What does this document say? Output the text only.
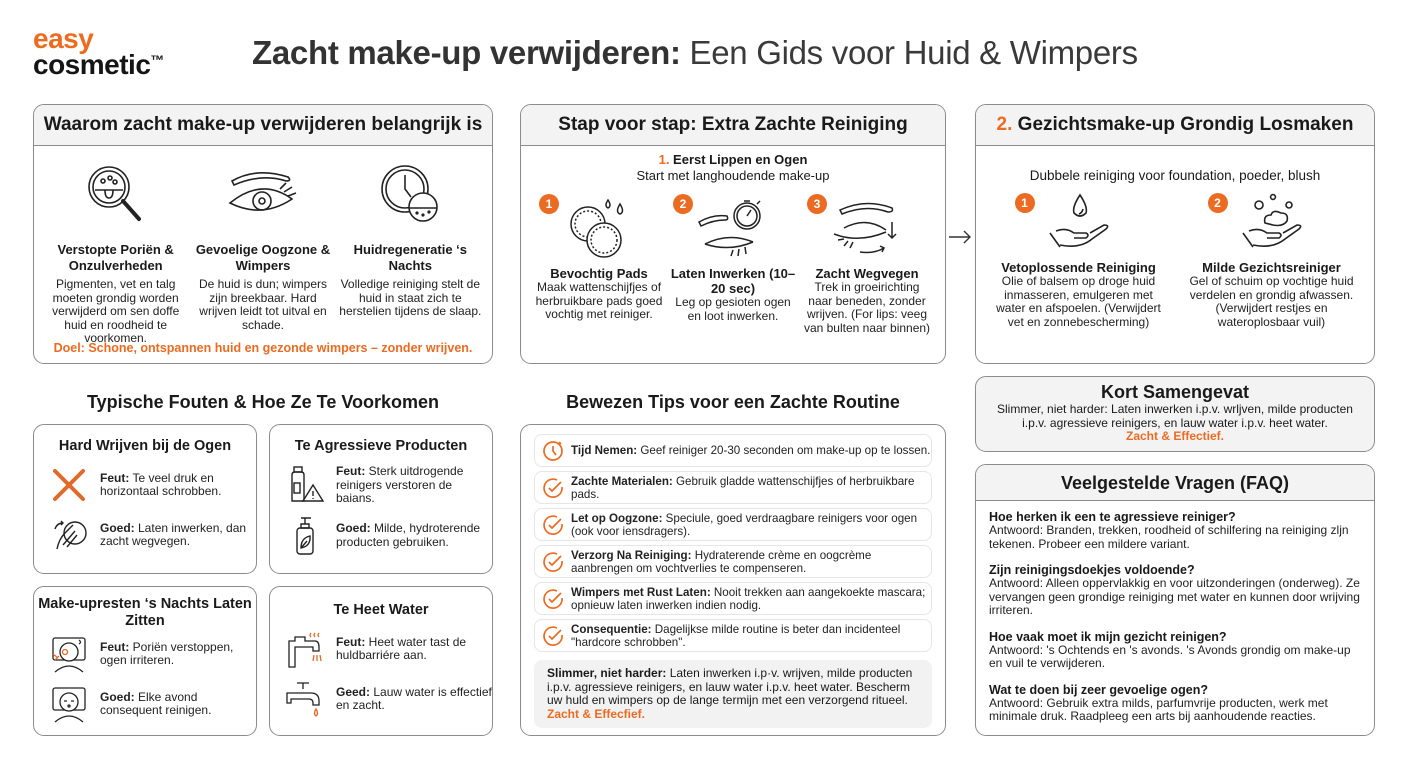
easy
cosmetic™	Zacht make-up verwijderen: Een Gids voor Huid & Wimpers
Waarom zacht make-up verwijderen belangrijk is
Verstopte Poriën & Onzulverheden
Pigmenten, vet en talg moeten grondig worden verwijderd om sen doffe huid en roodheid te voorkomen.
Gevoelige Oogzone & Wimpers
De huid is dun; wimpers zijn breekbaar. Hard wrijven leidt tot uitval en schade.
Huidregeneratie ‘s Nachts
Volledige reiniging stelt de huid in staat zich te herstelien tijdens de slaap.
Doel: Schone, ontspannen huid en gezonde wimpers – zonder wrijven.
Stap voor stap: Extra Zachte Reiniging
1. Eerst Lippen en Ogen
Start met langhoudende make-up
1
Bevochtig Pads
Maak wattenschijfjes of herbruikbare pads goed vochtig met reiniger.
2
Laten Inwerken (10–20 sec)
Leg op gesioten ogen en loot inwerken.
3
Zacht Wegvegen
Trek in groeirichting naar beneden, zonder wrijven. (For lips: veeg van bulten naar binnen)
2. Gezichtsmake-up Grondig Losmaken
Dubbele reiniging voor foundation, poeder, blush
1
Vetoplossende Reiniging
Olie of balsem op droge huid inmasseren, emulgeren met water en afspoelen. (Verwijdert vet en zonnebescherming)
2
Milde Gezichtsreiniger
Gel of schuim op vochtige huid verdelen en grondig afwassen. (Verwijdert restjes en wateroplosbaar vuil)
Typische Fouten & Hoe Ze Te Voorkomen
Hard Wrijven bij de Ogen
Feut: Te veel druk en horizontaal schrobben.
Goed: Laten inwerken, dan zacht wegvegen.
Te Agressieve Producten
Feut: Sterk uitdrogende reinigers verstoren de baians.
Goed: Milde, hydroterende producten gebruiken.
Make-upresten ‘s Nachts Laten Zitten
Feut: Poriën verstoppen, ogen irriteren.
Goed: Elke avond consequent reinigen.
Te Heet Water
Feut: Heet water tast de huldbarriére aan.
Geed: Lauw water is effectief en zacht.
Bewezen Tips voor een Zachte Routine
Tijd Nemen: Geef reiniger 20-30 seconden om make-up op te lossen.
Zachte Materialen: Gebruik gladde wattenschijfjes of herbruikbare pads.
Let op Oogzone: Speciule, goed verdraagbare reinigers voor ogen (ook voor iensdragers).
Verzorg Na Reiniging: Hydraterende crème en oogcrème aanbrengen om vochtverlies te compenseren.
Wimpers met Rust Laten: Nooit trekken aan aangekoekte mascara; opnieuw laten inwerken indien nodig.
Consequentie: Dagelijkse milde routine is beter dan incidenteel "hardcore schrobben".
Slimmer, niet harder: Laten inwerken i.p·v. wrijven, milde producten i.p.v. agressieve reinigers, en lauw water i.p.v. heet water. Bescherm uw huld en wimpers op de lange termijn met een verzorgend ritueel. Zacht & Effecfief.
Kort Samengevat
Slimmer, niet harder: Laten inwerken i.p.v. wrljven, milde producten i.p.v. agressieve reinigers, en lauw water i.p.v. heet water.
Zacht & Effectief.
Veelgestelde Vragen (FAQ)
Hoe herken ik een te agressieve reiniger?
Antwoord: Branden, trekken, roodheid of schilfering na reiniging zljn tekenen. Probeer een mildere variant.
Zijn reinigingsdoekjes voldoende?
Antwoord: Alleen oppervlakkig en voor uitzonderingen (onderweg). Ze vervangen geen grondige reiniging met water en kunnen door wrijving irriteren.
Hoe vaak moet ik mijn gezicht reinigen?
Antwoord: 's Ochtends en 's avonds. 's Avonds grondig om make-up en vuil te verwijderen.
Wat te doen bij zeer gevoelige ogen?
Antwoord: Gebruik extra milds, parfumvrije producten, werk met minimale druk. Raadpleeg een arts bij aanhoudende reacties.
